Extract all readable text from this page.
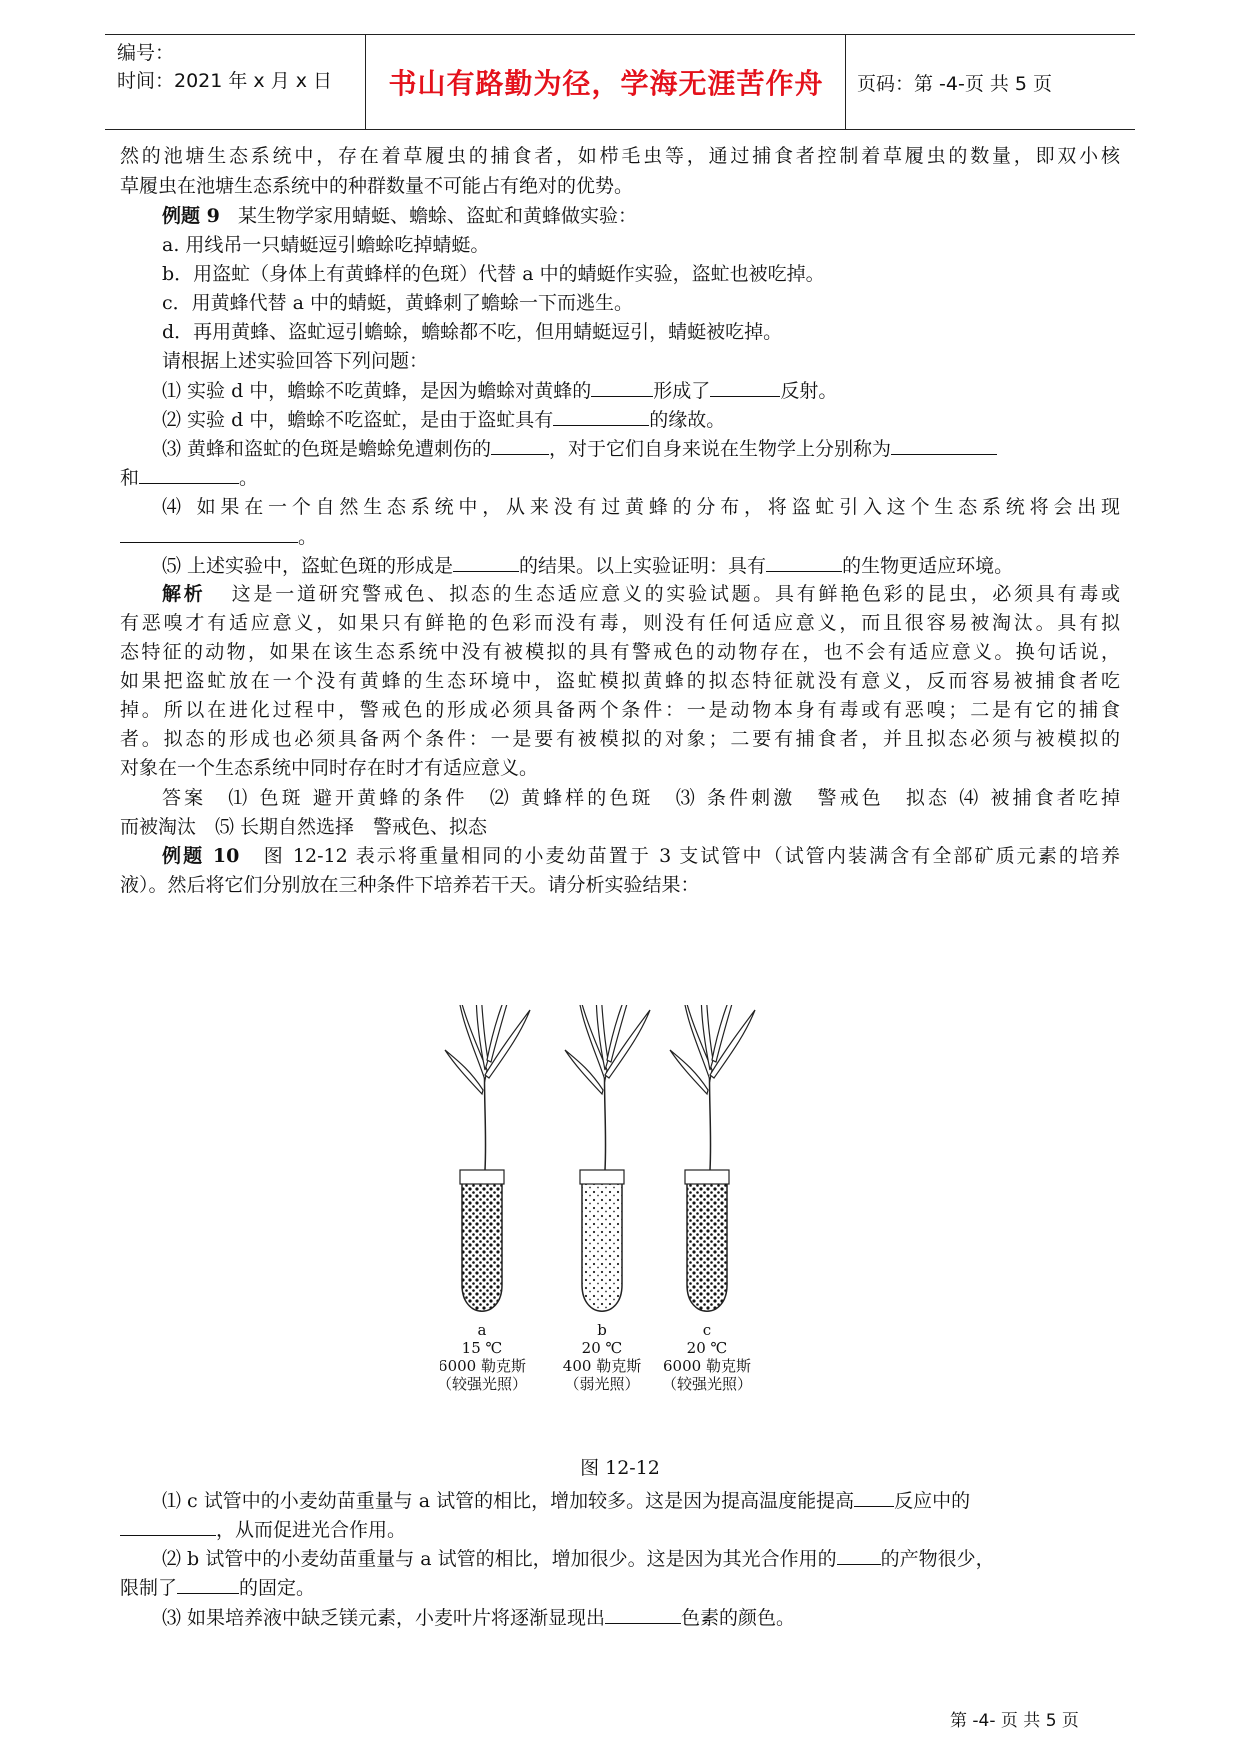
编号：
时间：2021 年 x 月 x 日	书山有路勤为径，学海无涯苦作舟	页码：第 -4-页 共 5 页
然的池塘生态系统中，存在着草履虫的捕食者，如栉毛虫等，通过捕食者控制着草履虫的数量，即双小核
草履虫在池塘生态系统中的种群数量不可能占有绝对的优势。
例题 9 某生物学家用蜻蜓、蟾蜍、盗虻和黄蜂做实验：
a. 用线吊一只蜻蜓逗引蟾蜍吃掉蜻蜓。
b．用盗虻（身体上有黄蜂样的色斑）代替 a 中的蜻蜓作实验，盗虻也被吃掉。
c．用黄蜂代替 a 中的蜻蜓，黄蜂刺了蟾蜍一下而逃生。
d．再用黄蜂、盗虻逗引蟾蜍，蟾蜍都不吃，但用蜻蜓逗引，蜻蜓被吃掉。
请根据上述实验回答下列问题：
⑴ 实验 d 中，蟾蜍不吃黄蜂，是因为蟾蜍对黄蜂的	形成了	反射。
⑵ 实验 d 中，蟾蜍不吃盗虻，是由于盗虻具有	的缘故。
⑶ 黄蜂和盗虻的色斑是蟾蜍免遭刺伤的	，对于它们自身来说在生物学上分别称为
和	。
⑷ 如果在一个自然生态系统中，从来没有过黄蜂的分布，将盗虻引入这个生态系统将会出现
。
⑸ 上述实验中，盗虻色斑的形成是	的结果。以上实验证明：具有	的生物更适应环境。
解析 这是一道研究警戒色、拟态的生态适应意义的实验试题。具有鲜艳色彩的昆虫，必须具有毒或
有恶嗅才有适应意义，如果只有鲜艳的色彩而没有毒，则没有任何适应意义，而且很容易被淘汰。具有拟
态特征的动物，如果在该生态系统中没有被模拟的具有警戒色的动物存在，也不会有适应意义。换句话说，
如果把盗虻放在一个没有黄蜂的生态环境中，盗虻模拟黄蜂的拟态特征就没有意义，反而容易被捕食者吃
掉。所以在进化过程中，警戒色的形成必须具备两个条件：一是动物本身有毒或有恶嗅；二是有它的捕食
者。拟态的形成也必须具备两个条件：一是要有被模拟的对象；二要有捕食者，并且拟态必须与被模拟的
对象在一个生态系统中同时存在时才有适应意义。
答案　⑴ 色斑 避开黄蜂的条件　⑵ 黄蜂样的色斑　⑶ 条件刺激　警戒色　拟态 ⑷ 被捕食者吃掉
而被淘汰　⑸ 长期自然选择　警戒色、拟态
例题 10 图 12-12 表示将重量相同的小麦幼苗置于 3 支试管中（试管内装满含有全部矿质元素的培养
液）。然后将它们分别放在三种条件下培养若干天。请分析实验结果：
a
15 ℃
6000 勒克斯
（较强光照）
b
20 ℃
400 勒克斯
（弱光照）
c
20 ℃
6000 勒克斯
（较强光照）
图 12-12
⑴ c 试管中的小麦幼苗重量与 a 试管的相比，增加较多。这是因为提高温度能提高 反应中的
，从而促进光合作用。
⑵ b 试管中的小麦幼苗重量与 a 试管的相比，增加很少。这是因为其光合作用的 的产物很少，
限制了	的固定。
⑶ 如果培养液中缺乏镁元素，小麦叶片将逐渐显现出	色素的颜色。
第 -4- 页 共 5 页
